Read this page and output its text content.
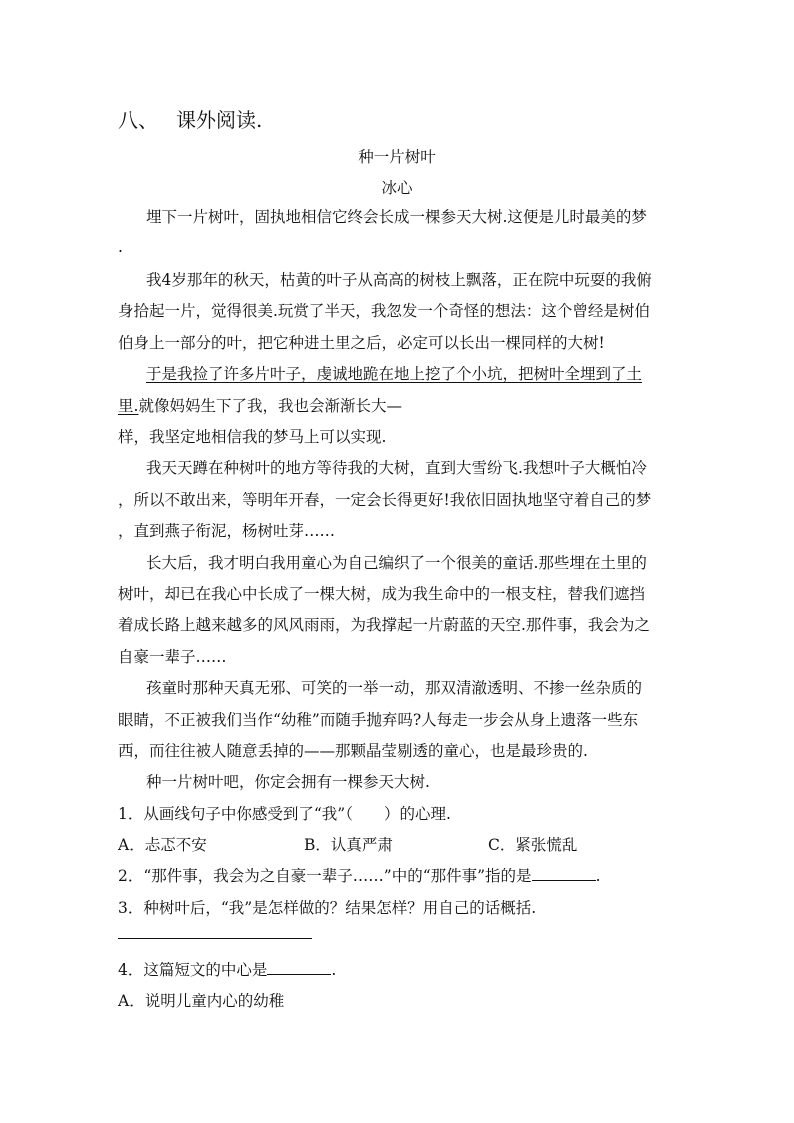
八、 课外阅读.
种一片树叶
冰心
埋下一片树叶，固执地相信它终会长成一棵参天大树.这便是儿时最美的梦
.
我4岁那年的秋天，枯黄的叶子从高高的树枝上飘落，正在院中玩耍的我俯
身拾起一片，觉得很美.玩赏了半天，我忽发一个奇怪的想法：这个曾经是树伯
伯身上一部分的叶，把它种进土里之后，必定可以长出一棵同样的大树!
于是我捡了许多片叶子，虔诚地跪在地上挖了个小坑，把树叶全埋到了土
里.就像妈妈生下了我，我也会渐渐长大—
样，我坚定地相信我的梦马上可以实现.
我天天蹲在种树叶的地方等待我的大树，直到大雪纷飞.我想叶子大概怕冷
，所以不敢出来，等明年开春，一定会长得更好!我依旧固执地坚守着自己的梦
，直到燕子衔泥，杨树吐芽……
长大后，我才明白我用童心为自己编织了一个很美的童话.那些埋在土里的
树叶，却已在我心中长成了一棵大树，成为我生命中的一根支柱，替我们遮挡
着成长路上越来越多的风风雨雨，为我撑起一片蔚蓝的天空.那件事，我会为之
自豪一辈子……
孩童时那种天真无邪、可笑的一举一动，那双清澈透明、不掺一丝杂质的
眼睛，不正被我们当作“幼稚”而随手抛弃吗?人每走一步会从身上遗落一些东
西，而往往被人随意丢掉的——那颗晶莹剔透的童心，也是最珍贵的.
种一片树叶吧，你定会拥有一棵参天大树.
1．从画线句子中你感受到了“我”（　　）的心理.
A．忐忑不安	B．认真严肃	C．紧张慌乱
2．“那件事，我会为之自豪一辈子……”中的“那件事”指的是	.
3．种树叶后，“我”是怎样做的？结果怎样？用自己的话概括.
4．这篇短文的中心是	.
A．说明儿童内心的幼稚
